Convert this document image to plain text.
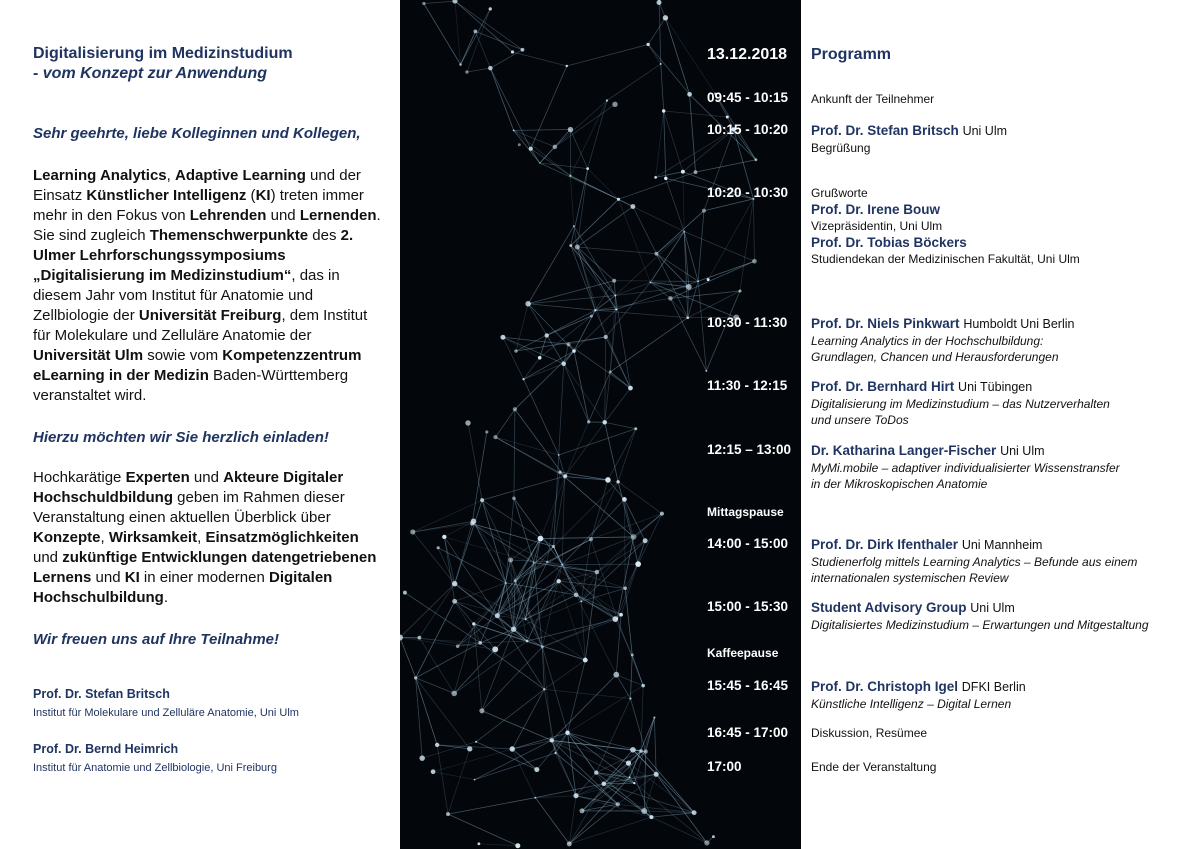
Digitalisierung im Medizinstudium

- vom Konzept zur Anwendung

Sehr geehrte, liebe Kolleginnen und Kollegen,

Learning Analytics, Adaptive Learning und der Einsatz Künstlicher Intelligenz (KI) treten immer mehr in den Fokus von Lehrenden und Lernenden. Sie sind zugleich Themenschwerpunkte des 2. Ulmer Lehrforschungssymposiums „Digitalisierung im Medizinstudium“, das in diesem Jahr vom Institut für Anatomie und Zellbiologie der Universität Freiburg, dem Institut für Molekulare und Zelluläre Anatomie der Universität Ulm sowie vom Kompetenzzentrum eLearning in der Medizin Baden-Württemberg veranstaltet wird.

Hierzu möchten wir Sie herzlich einladen!

Hochkarätige Experten und Akteure Digitaler Hochschuldbildung geben im Rahmen dieser Veranstaltung einen aktuellen Überblick über Konzepte, Wirksamkeit, Einsatzmöglichkeiten und zukünftige Entwicklungen datengetriebenen Lernens und KI in einer modernen Digitalen Hochschulbildung.

Wir freuen uns auf Ihre Teilnahme!

Prof. Dr. Stefan Britsch

Institut für Molekulare und Zelluläre Anatomie, Uni Ulm

Prof. Dr. Bernd Heimrich

Institut für Anatomie und Zellbiologie, Uni Freiburg

13.12.2018 Programm
09:45 - 10:15 Ankunft der Teilnehmer

10:15 - 10:20 Prof. Dr. Stefan Britsch Uni Ulm

Begrüßung

10:20 - 10:30 Grußworte

Prof. Dr. Irene Bouw

Vizepräsidentin, Uni Ulm

Prof. Dr. Tobias Böckers

Studiendekan der Medizinischen Fakultät, Uni Ulm

10:30 - 11:30 Prof. Dr. Niels Pinkwart Humboldt Uni Berlin

Learning Analytics in der Hochschulbildung:

Grundlagen, Chancen und Herausforderungen

11:30 - 12:15 Prof. Dr. Bernhard Hirt Uni Tübingen

Digitalisierung im Medizinstudium – das Nutzerverhalten

und unsere ToDos

12:15 – 13:00 Dr. Katharina Langer-Fischer Uni Ulm

MyMi.mobile – adaptiver individualisierter Wissenstransfer

in der Mikroskopischen Anatomie

Mittagspause
14:00 - 15:00 Prof. Dr. Dirk Ifenthaler Uni Mannheim

Studienerfolg mittels Learning Analytics – Befunde aus einem

internationalen systemischen Review

15:00 - 15:30 Student Advisory Group Uni Ulm

Digitalisiertes Medizinstudium – Erwartungen und Mitgestaltung

Kaffeepause
15:45 - 16:45 Prof. Dr. Christoph Igel DFKI Berlin

Künstliche Intelligenz – Digital Lernen

16:45 - 17:00 Diskussion, Resümee

17:00	Ende der Veranstaltung
